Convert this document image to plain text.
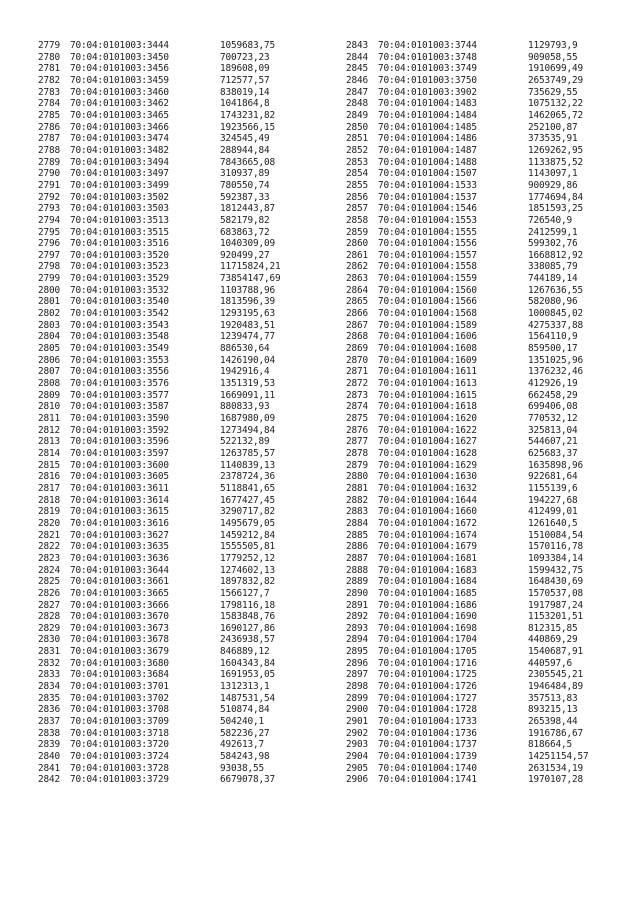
2779 70:04:0101003:3444	1059683,75
2780 70:04:0101003:3450	700723,23
2781 70:04:0101003:3456	189608,09
2782 70:04:0101003:3459	712577,57
2783 70:04:0101003:3460	838019,14
2784 70:04:0101003:3462	1041864,8
2785 70:04:0101003:3465	1743231,82
2786 70:04:0101003:3466	1923566,15
2787 70:04:0101003:3474	324545,49
2788 70:04:0101003:3482	288944,84
2789 70:04:0101003:3494	7843665,08
2790 70:04:0101003:3497	310937,89
2791 70:04:0101003:3499	780550,74
2792 70:04:0101003:3502	592387,33
2793 70:04:0101003:3503	1812443,87
2794 70:04:0101003:3513	582179,82
2795 70:04:0101003:3515	683863,72
2796 70:04:0101003:3516	1040309,09
2797 70:04:0101003:3520	920499,27
2798 70:04:0101003:3523	11715824,21
2799 70:04:0101003:3529	73854147,69
2800 70:04:0101003:3532	1103788,96
2801 70:04:0101003:3540	1813596,39
2802 70:04:0101003:3542	1293195,63
2803 70:04:0101003:3543	1920483,51
2804 70:04:0101003:3548	1239474,77
2805 70:04:0101003:3549	886530,64
2806 70:04:0101003:3553	1426190,04
2807 70:04:0101003:3556	1942916,4
2808 70:04:0101003:3576	1351319,53
2809 70:04:0101003:3577	1669091,11
2810 70:04:0101003:3587	880833,93
2811 70:04:0101003:3590	1687980,09
2812 70:04:0101003:3592	1273494,84
2813 70:04:0101003:3596	522132,89
2814 70:04:0101003:3597	1263785,57
2815 70:04:0101003:3600	1140839,13
2816 70:04:0101003:3605	2378724,36
2817 70:04:0101003:3611	5118841,65
2818 70:04:0101003:3614	1677427,45
2819 70:04:0101003:3615	3290717,82
2820 70:04:0101003:3616	1495679,05
2821 70:04:0101003:3627	1459212,84
2822 70:04:0101003:3635	1555505,81
2823 70:04:0101003:3636	1779252,12
2824 70:04:0101003:3644	1274602,13
2825 70:04:0101003:3661	1897832,82
2826 70:04:0101003:3665	1566127,7
2827 70:04:0101003:3666	1798116,18
2828 70:04:0101003:3670	1583848,76
2829 70:04:0101003:3673	1690127,86
2830 70:04:0101003:3678	2436938,57
2831 70:04:0101003:3679	846889,12
2832 70:04:0101003:3680	1604343,84
2833 70:04:0101003:3684	1691953,05
2834 70:04:0101003:3701	1312313,1
2835 70:04:0101003:3702	1487531,54
2836 70:04:0101003:3708	510874,84
2837 70:04:0101003:3709	504240,1
2838 70:04:0101003:3718	582236,27
2839 70:04:0101003:3720	492613,7
2840 70:04:0101003:3724	584243,98
2841 70:04:0101003:3728	93038,55
2842 70:04:0101003:3729	6679078,37
2843 70:04:0101003:3744	1129793,9
2844 70:04:0101003:3748	909058,55
2845 70:04:0101003:3749	1910699,49
2846 70:04:0101003:3750	2653749,29
2847 70:04:0101003:3902	735629,55
2848 70:04:0101004:1483	1075132,22
2849 70:04:0101004:1484	1462065,72
2850 70:04:0101004:1485	252100,87
2851 70:04:0101004:1486	373535,91
2852 70:04:0101004:1487	1269262,95
2853 70:04:0101004:1488	1133875,52
2854 70:04:0101004:1507	1143097,1
2855 70:04:0101004:1533	900929,86
2856 70:04:0101004:1537	1774694,84
2857 70:04:0101004:1546	1851593,25
2858 70:04:0101004:1553	726540,9
2859 70:04:0101004:1555	2412599,1
2860 70:04:0101004:1556	599302,76
2861 70:04:0101004:1557	1668812,92
2862 70:04:0101004:1558	338085,79
2863 70:04:0101004:1559	744189,14
2864 70:04:0101004:1560	1267636,55
2865 70:04:0101004:1566	582080,96
2866 70:04:0101004:1568	1000845,02
2867 70:04:0101004:1589	4275337,88
2868 70:04:0101004:1606	1564110,9
2869 70:04:0101004:1608	859500,17
2870 70:04:0101004:1609	1351025,96
2871 70:04:0101004:1611	1376232,46
2872 70:04:0101004:1613	412926,19
2873 70:04:0101004:1615	662458,29
2874 70:04:0101004:1618	699406,08
2875 70:04:0101004:1620	770532,12
2876 70:04:0101004:1622	325813,04
2877 70:04:0101004:1627	544607,21
2878 70:04:0101004:1628	625683,37
2879 70:04:0101004:1629	1635898,96
2880 70:04:0101004:1630	922681,64
2881 70:04:0101004:1632	1155139,6
2882 70:04:0101004:1644	194227,68
2883 70:04:0101004:1660	412499,01
2884 70:04:0101004:1672	1261640,5
2885 70:04:0101004:1674	1510084,54
2886 70:04:0101004:1679	1570116,78
2887 70:04:0101004:1681	1093384,14
2888 70:04:0101004:1683	1599432,75
2889 70:04:0101004:1684	1648430,69
2890 70:04:0101004:1685	1570537,08
2891 70:04:0101004:1686	1917987,24
2892 70:04:0101004:1690	1153201,51
2893 70:04:0101004:1698	812315,85
2894 70:04:0101004:1704	440869,29
2895 70:04:0101004:1705	1540687,91
2896 70:04:0101004:1716	440597,6
2897 70:04:0101004:1725	2305545,21
2898 70:04:0101004:1726	1946484,89
2899 70:04:0101004:1727	357513,83
2900 70:04:0101004:1728	893215,13
2901 70:04:0101004:1733	265398,44
2902 70:04:0101004:1736	1916786,67
2903 70:04:0101004:1737	818664,5
2904 70:04:0101004:1739	14251154,57
2905 70:04:0101004:1740	2631534,19
2906 70:04:0101004:1741	1970107,28
